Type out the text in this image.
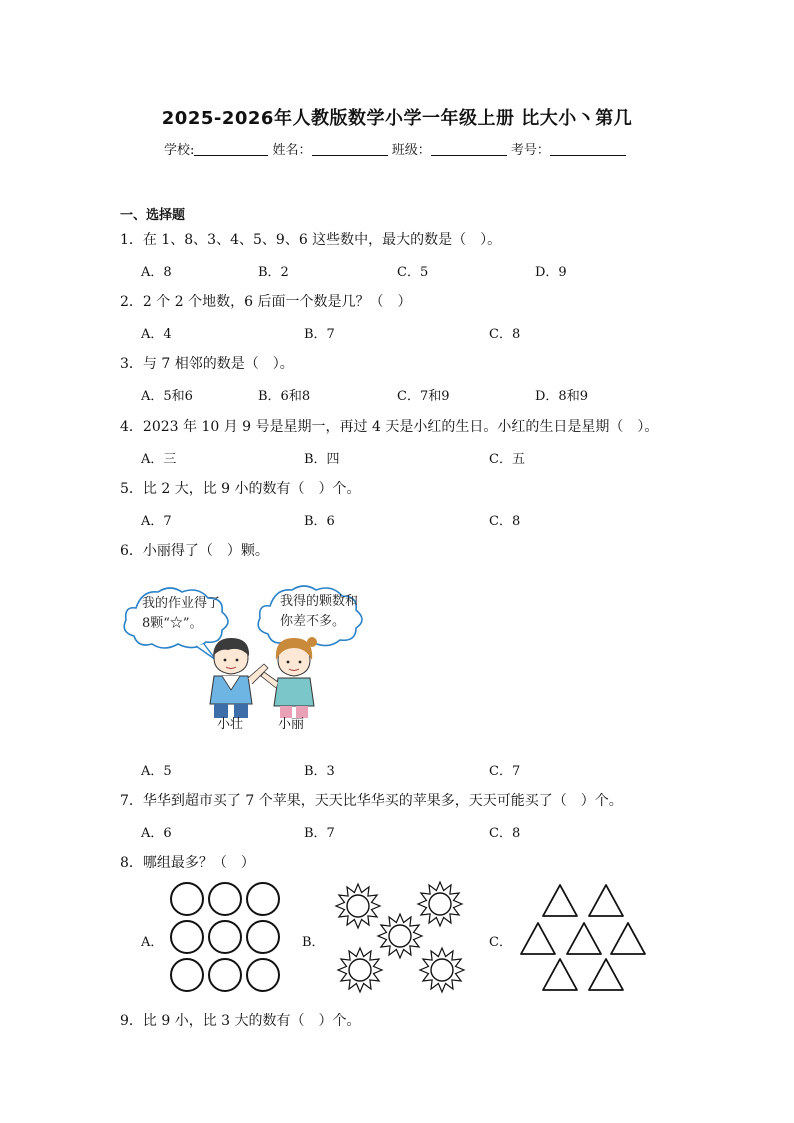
2025-2026年人教版数学小学一年级上册 比大小丶第几
学校:	姓名：	班级：	考号：
一、选择题
1．在 1、8、3、4、5、9、6 这些数中，最大的数是（　）。
A．8	B．2	C．5	D．9
2．2 个 2 个地数，6 后面一个数是几？（　）
A．4	B．7	C．8
3．与 7 相邻的数是（　）。
A．5和6	B．6和8	C．7和9	D．8和9
4．2023 年 10 月 9 号是星期一，再过 4 天是小红的生日。小红的生日是星期（　）。
A．三	B．四	C．五
5．比 2 大，比 9 小的数有（　）个。
A．7	B．6	C．8
6．小丽得了（　）颗。
我的作业得了
8颗“☆”。
我得的颗数和
你差不多。
小壮	小丽
A．5	B．3	C．7
7．华华到超市买了 7 个苹果，天天比华华买的苹果多，天天可能买了（　）个。
A．6	B．7	C．8
8．哪组最多？（　）
A．	B．	C．
9．比 9 小，比 3 大的数有（　）个。
